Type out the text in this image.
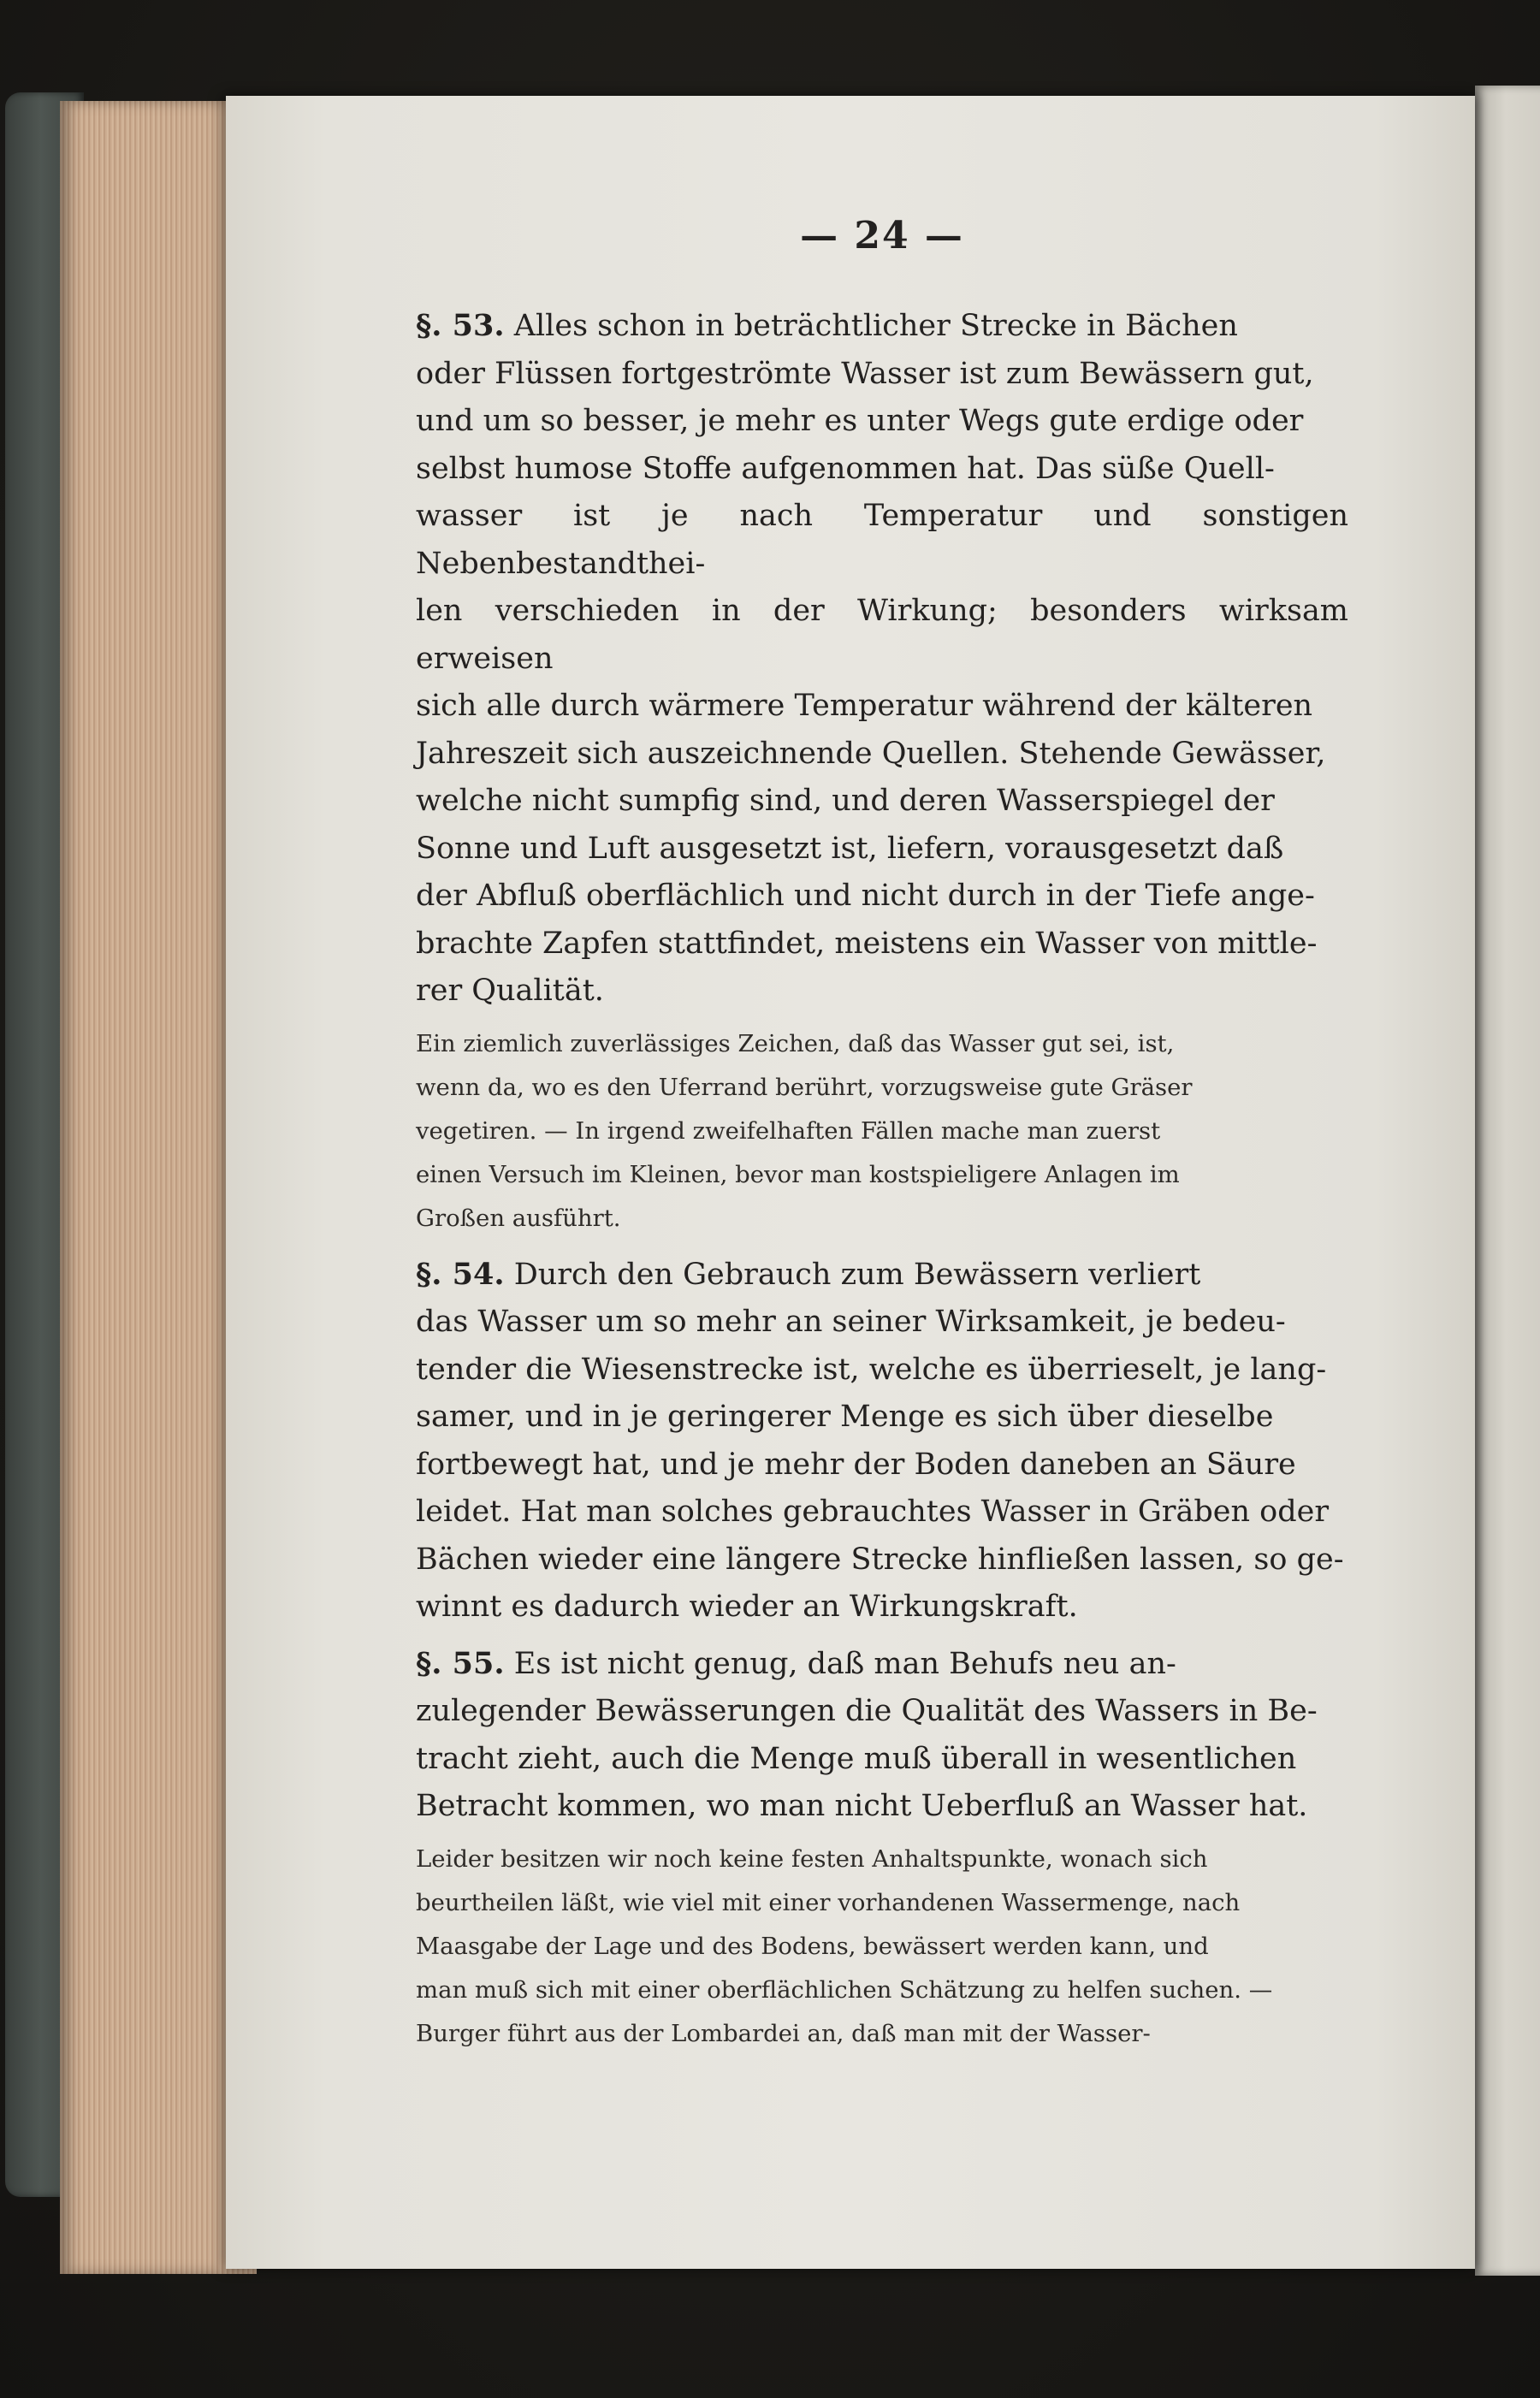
— 24 —

§. 53. Alles schon in beträchtlicher Strecke in Bächen
oder Flüssen fortgeströmte Wasser ist zum Bewässern gut,
und um so besser, je mehr es unter Wegs gute erdige oder
selbst humose Stoffe aufgenommen hat. Das süße Quell-
wasser ist je nach Temperatur und sonstigen Nebenbestandthei-
len verschieden in der Wirkung; besonders wirksam erweisen
sich alle durch wärmere Temperatur während der kälteren
Jahreszeit sich auszeichnende Quellen. Stehende Gewässer,
welche nicht sumpfig sind, und deren Wasserspiegel der
Sonne und Luft ausgesetzt ist, liefern, vorausgesetzt daß
der Abfluß oberflächlich und nicht durch in der Tiefe ange-
brachte Zapfen stattfindet, meistens ein Wasser von mittle-
rer Qualität.

Ein ziemlich zuverlässiges Zeichen, daß das Wasser gut sei, ist,
wenn da, wo es den Uferrand berührt, vorzugsweise gute Gräser
vegetiren. — In irgend zweifelhaften Fällen mache man zuerst
einen Versuch im Kleinen, bevor man kostspieligere Anlagen im
Großen ausführt.

§. 54. Durch den Gebrauch zum Bewässern verliert
das Wasser um so mehr an seiner Wirksamkeit, je bedeu-
tender die Wiesenstrecke ist, welche es überrieselt, je lang-
samer, und in je geringerer Menge es sich über dieselbe
fortbewegt hat, und je mehr der Boden daneben an Säure
leidet. Hat man solches gebrauchtes Wasser in Gräben oder
Bächen wieder eine längere Strecke hinfließen lassen, so ge-
winnt es dadurch wieder an Wirkungskraft.

§. 55. Es ist nicht genug, daß man Behufs neu an-
zulegender Bewässerungen die Qualität des Wassers in Be-
tracht zieht, auch die Menge muß überall in wesentlichen
Betracht kommen, wo man nicht Ueberfluß an Wasser hat.

Leider besitzen wir noch keine festen Anhaltspunkte, wonach sich
beurtheilen läßt, wie viel mit einer vorhandenen Wassermenge, nach
Maasgabe der Lage und des Bodens, bewässert werden kann, und
man muß sich mit einer oberflächlichen Schätzung zu helfen suchen. —
Burger führt aus der Lombardei an, daß man mit der Wasser-
